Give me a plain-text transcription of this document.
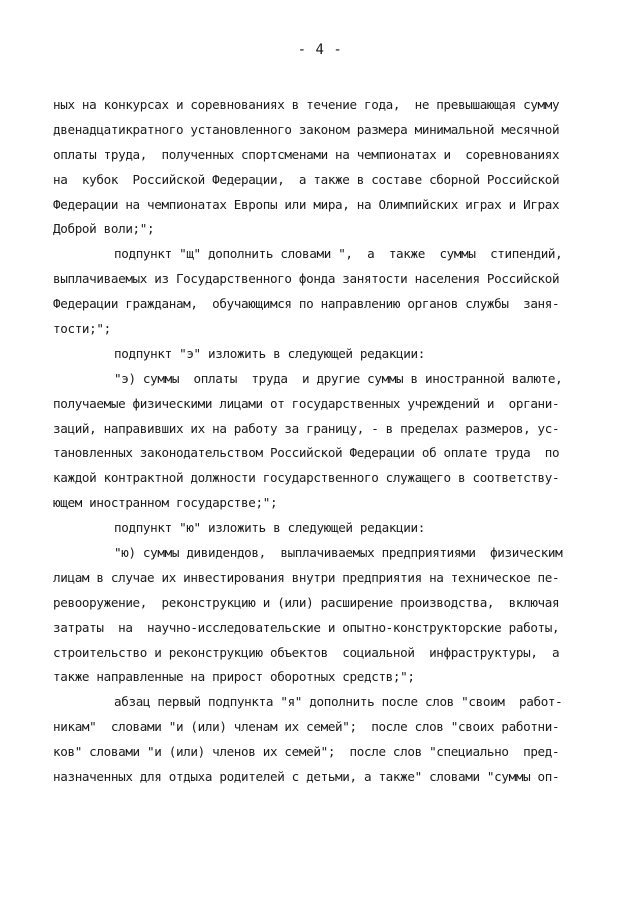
- 4 -
ных на конкурсах и соревнованиях в течение года,  не превышающая сумму
двенадцатикратного установленного законом размера минимальной месячной
оплаты труда,  полученных спортсменами на чемпионатах и  соревнованиях
на  кубок  Российской Федерации,  а также в составе сборной Российской
Федерации на чемпионатах Европы или мира, на Олимпийских играх и Играх
Доброй воли;";
подпункт "щ" дополнить словами ",  а  также  суммы  стипендий,
выплачиваемых из Государственного фонда занятости населения Российской
Федерации гражданам,  обучающимся по направлению органов службы  заня-
тости;";
подпункт "э" изложить в следующей редакции:
"э) суммы  оплаты  труда  и другие суммы в иностранной валюте,
получаемые физическими лицами от государственных учреждений и  органи-
заций, направивших их на работу за границу, - в пределах размеров, ус-
тановленных законодательством Российской Федерации об оплате труда  по
каждой контрактной должности государственного служащего в соответству-
ющем иностранном государстве;";
подпункт "ю" изложить в следующей редакции:
"ю) суммы дивидендов,  выплачиваемых предприятиями  физическим
лицам в случае их инвестирования внутри предприятия на техническое пе-
ревооружение,  реконструкцию и (или) расширение производства,  включая
затраты  на  научно-исследовательские и опытно-конструкторские работы,
строительство и реконструкцию объектов  социальной  инфраструктуры,  а
также направленные на прирост оборотных средств;";
абзац первый подпункта "я" дополнить после слов "своим  работ-
никам"  словами "и (или) членам их семей";  после слов "своих работни-
ков" словами "и (или) членов их семей";  после слов "специально  пред-
назначенных для отдыха родителей с детьми, а также" словами "суммы оп-
